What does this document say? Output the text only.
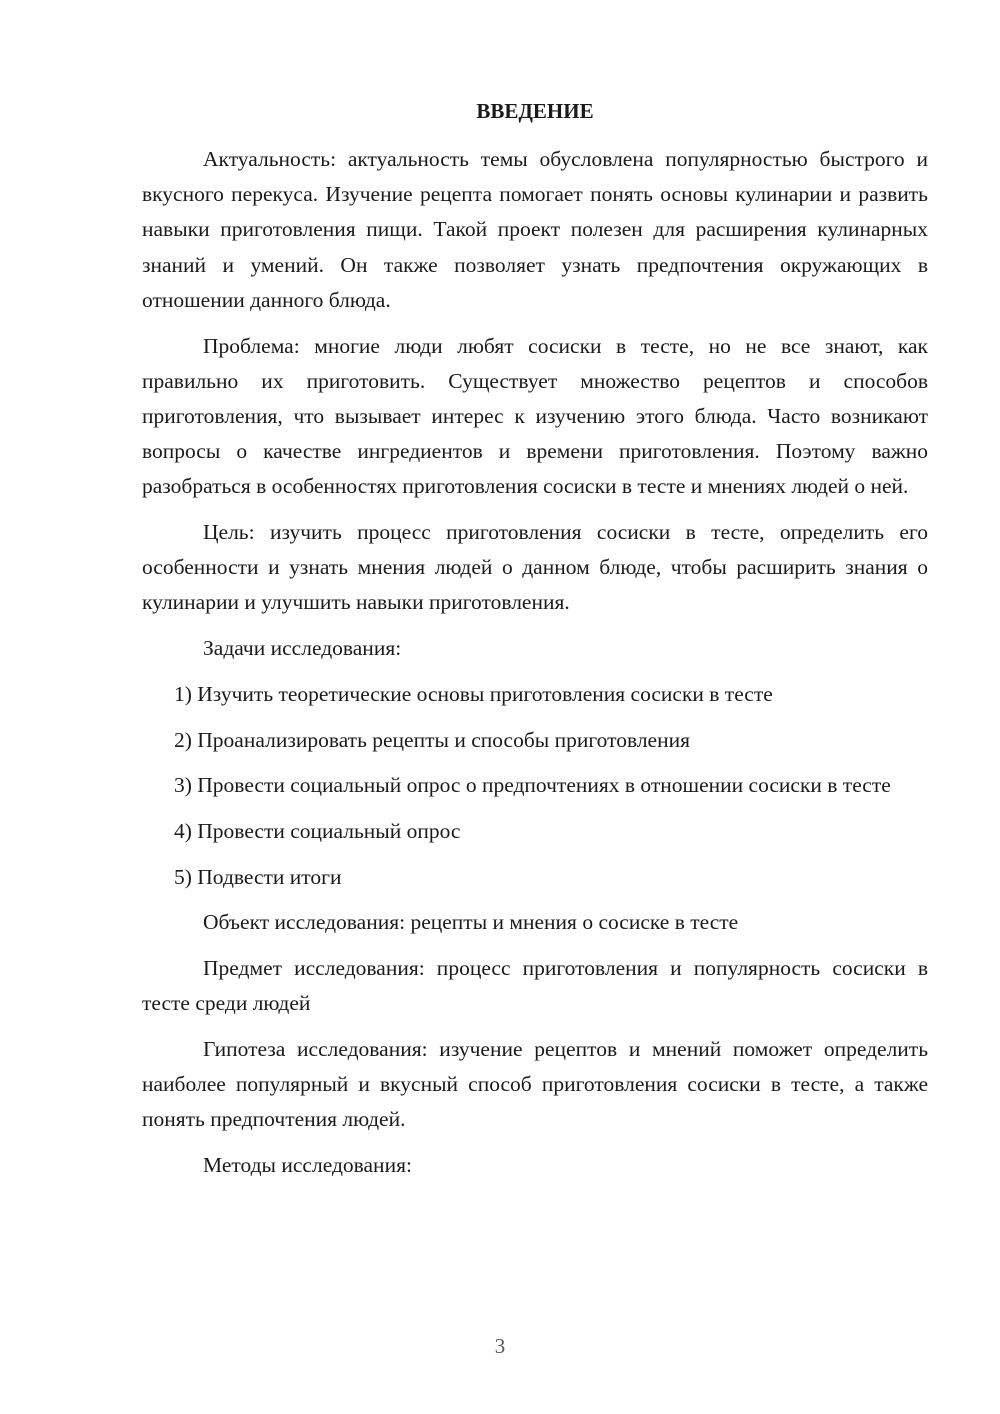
ВВЕДЕНИЕ

Актуальность: актуальность темы обусловлена популярностью быстрого и вкусного перекуса. Изучение рецепта помогает понять основы кулинарии и развить навыки приготовления пищи. Такой проект полезен для расширения кулинарных знаний и умений. Он также позволяет узнать предпочтения окружающих в отношении данного блюда.

Проблема: многие люди любят сосиски в тесте, но не все знают, как правильно их приготовить. Существует множество рецептов и способов приготовления, что вызывает интерес к изучению этого блюда. Часто возникают вопросы о качестве ингредиентов и времени приготовления. Поэтому важно разобраться в особенностях приготовления сосиски в тесте и мнениях людей о ней.

Цель: изучить процесс приготовления сосиски в тесте, определить его особенности и узнать мнения людей о данном блюде, чтобы расширить знания о кулинарии и улучшить навыки приготовления.

Задачи исследования:

1) Изучить теоретические основы приготовления сосиски в тесте

2) Проанализировать рецепты и способы приготовления

3) Провести социальный опрос о предпочтениях в отношении сосиски в тесте

4) Провести социальный опрос

5) Подвести итоги

Объект исследования: рецепты и мнения о сосиске в тесте

Предмет исследования: процесс приготовления и популярность сосиски в тесте среди людей

Гипотеза исследования: изучение рецептов и мнений поможет определить наиболее популярный и вкусный способ приготовления сосиски в тесте, а также понять предпочтения людей.

Методы исследования:

3
